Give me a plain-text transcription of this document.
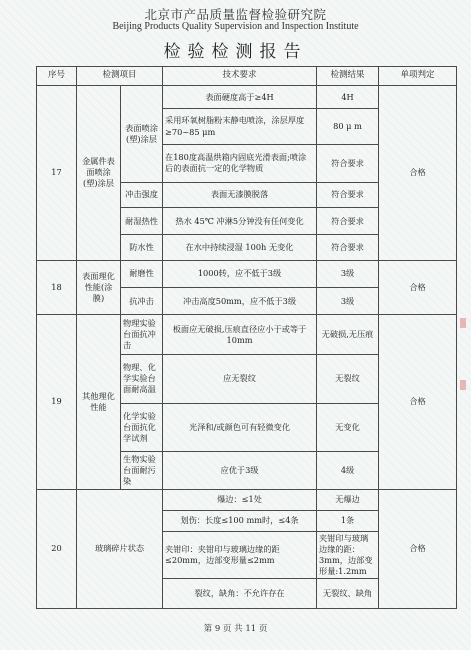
北京市产品质量监督检验研究院
Beijing Products Quality Supervision and Inspection Institute
检验检测报告
序号	检测项目		技术要求	检测结果	单项判定
17	金属件表面喷涂(塑)涂层	表面喷涂(塑)涂层	表面硬度高于≥4H	4H	合格
			采用环氧树脂粉末静电喷涂，涂层厚度≥70~85 μm	80 μ m	
			在180度高温烘箱内固底光滑表面;喷涂后的表面抗一定的化学物质	符合要求	
		冲击强度	表面无漆膜脱落	符合要求	
		耐湿热性	热水 45℃ 冲淋5分钟没有任何变化	符合要求	
		防水性	在水中持续浸湿 100h 无变化	符合要求	
18	表面理化性能(涂膜)	耐磨性	1000转，应不低于3级	3级	合格
		抗冲击	冲击高度50mm，应不低于3级	3级	
19	其他理化性能	物理实验台面抗冲击	板面应无破损,压痕直径应小于或等于10mm	无破损,无压痕	合格
		物理、化学实验台面耐高温	应无裂纹	无裂纹	
		化学实验台面抗化学试剂	光泽和/或颜色可有轻微变化	无变化	
		生物实验台面耐污染	应优于3级	4级	
20	玻璃碎片状态		爆边：≤1处	无爆边	合格
			划伤：长度≤100 mm时，≤4条	1条	
			夹钳印：夹钳印与玻璃边缘的距≤20mm，边部变形量≤2mm	夹钳印与玻璃边缘的距：3mm，边部变形量:1.2mm	
			裂纹，缺角：不允许存在	无裂纹、缺角	
第 9 页 共 11 页
